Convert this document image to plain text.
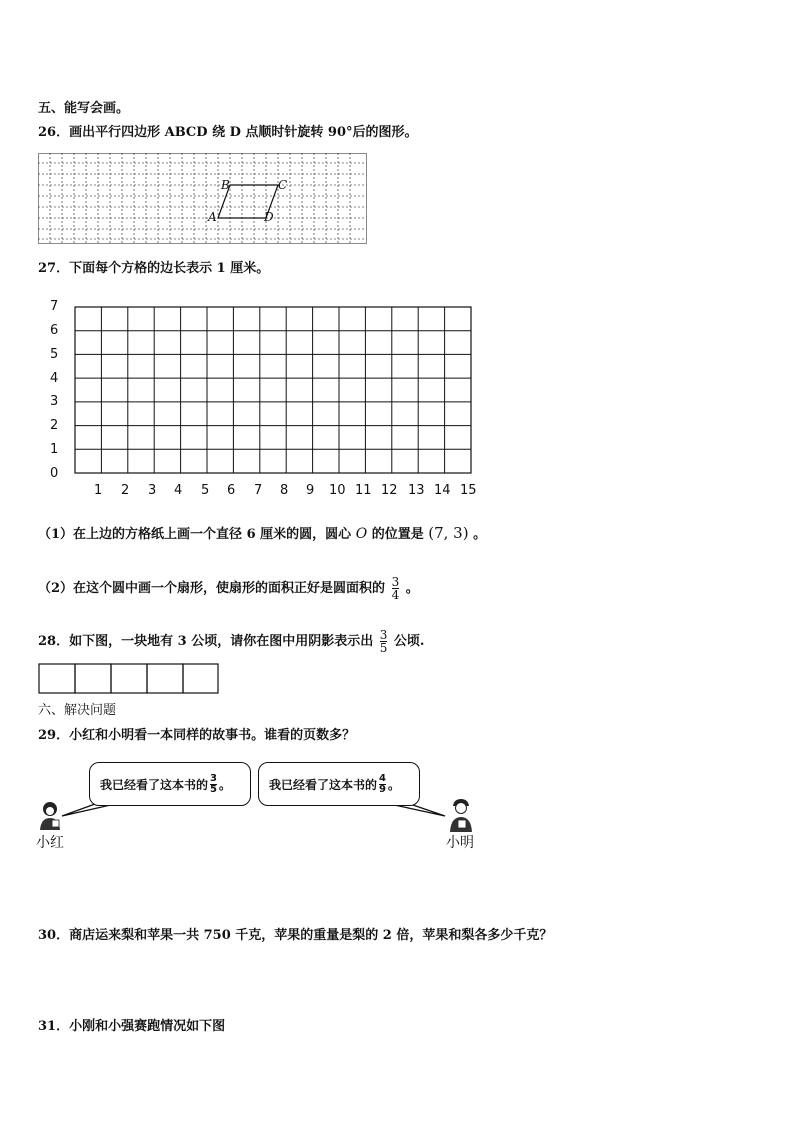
五、能写会画。
26．画出平行四边形 ABCD 绕 D 点顺时针旋转 90°后的图形。
B	C
A	D
27．下面每个方格的边长表示 1 厘米。
7
6
5
4
3
2
1
0
1 2 3 4 5 6 7 8 9 10 11 12 13 14 15
（1）在上边的方格纸上画一个直径 6 厘米的圆，圆心 O 的位置是 (7, 3) 。
（2）在这个圆中画一个扇形，使扇形的面积正好是圆面积的 $\frac{3}{4}$ 。
28．如下图，一块地有 3 公顷，请你在图中用阴影表示出 $\frac{3}{5}$ 公顷.
六、解决问题
29．小红和小明看一本同样的故事书。谁看的页数多？
我已经看了这本书的 $\frac{3}{5}$ 。	我已经看了这本书的 $\frac{4}{9}$ 。
小红	小明
30．商店运来梨和苹果一共 750 千克，苹果的重量是梨的 2 倍，苹果和梨各多少千克？
31．小刚和小强赛跑情况如下图
